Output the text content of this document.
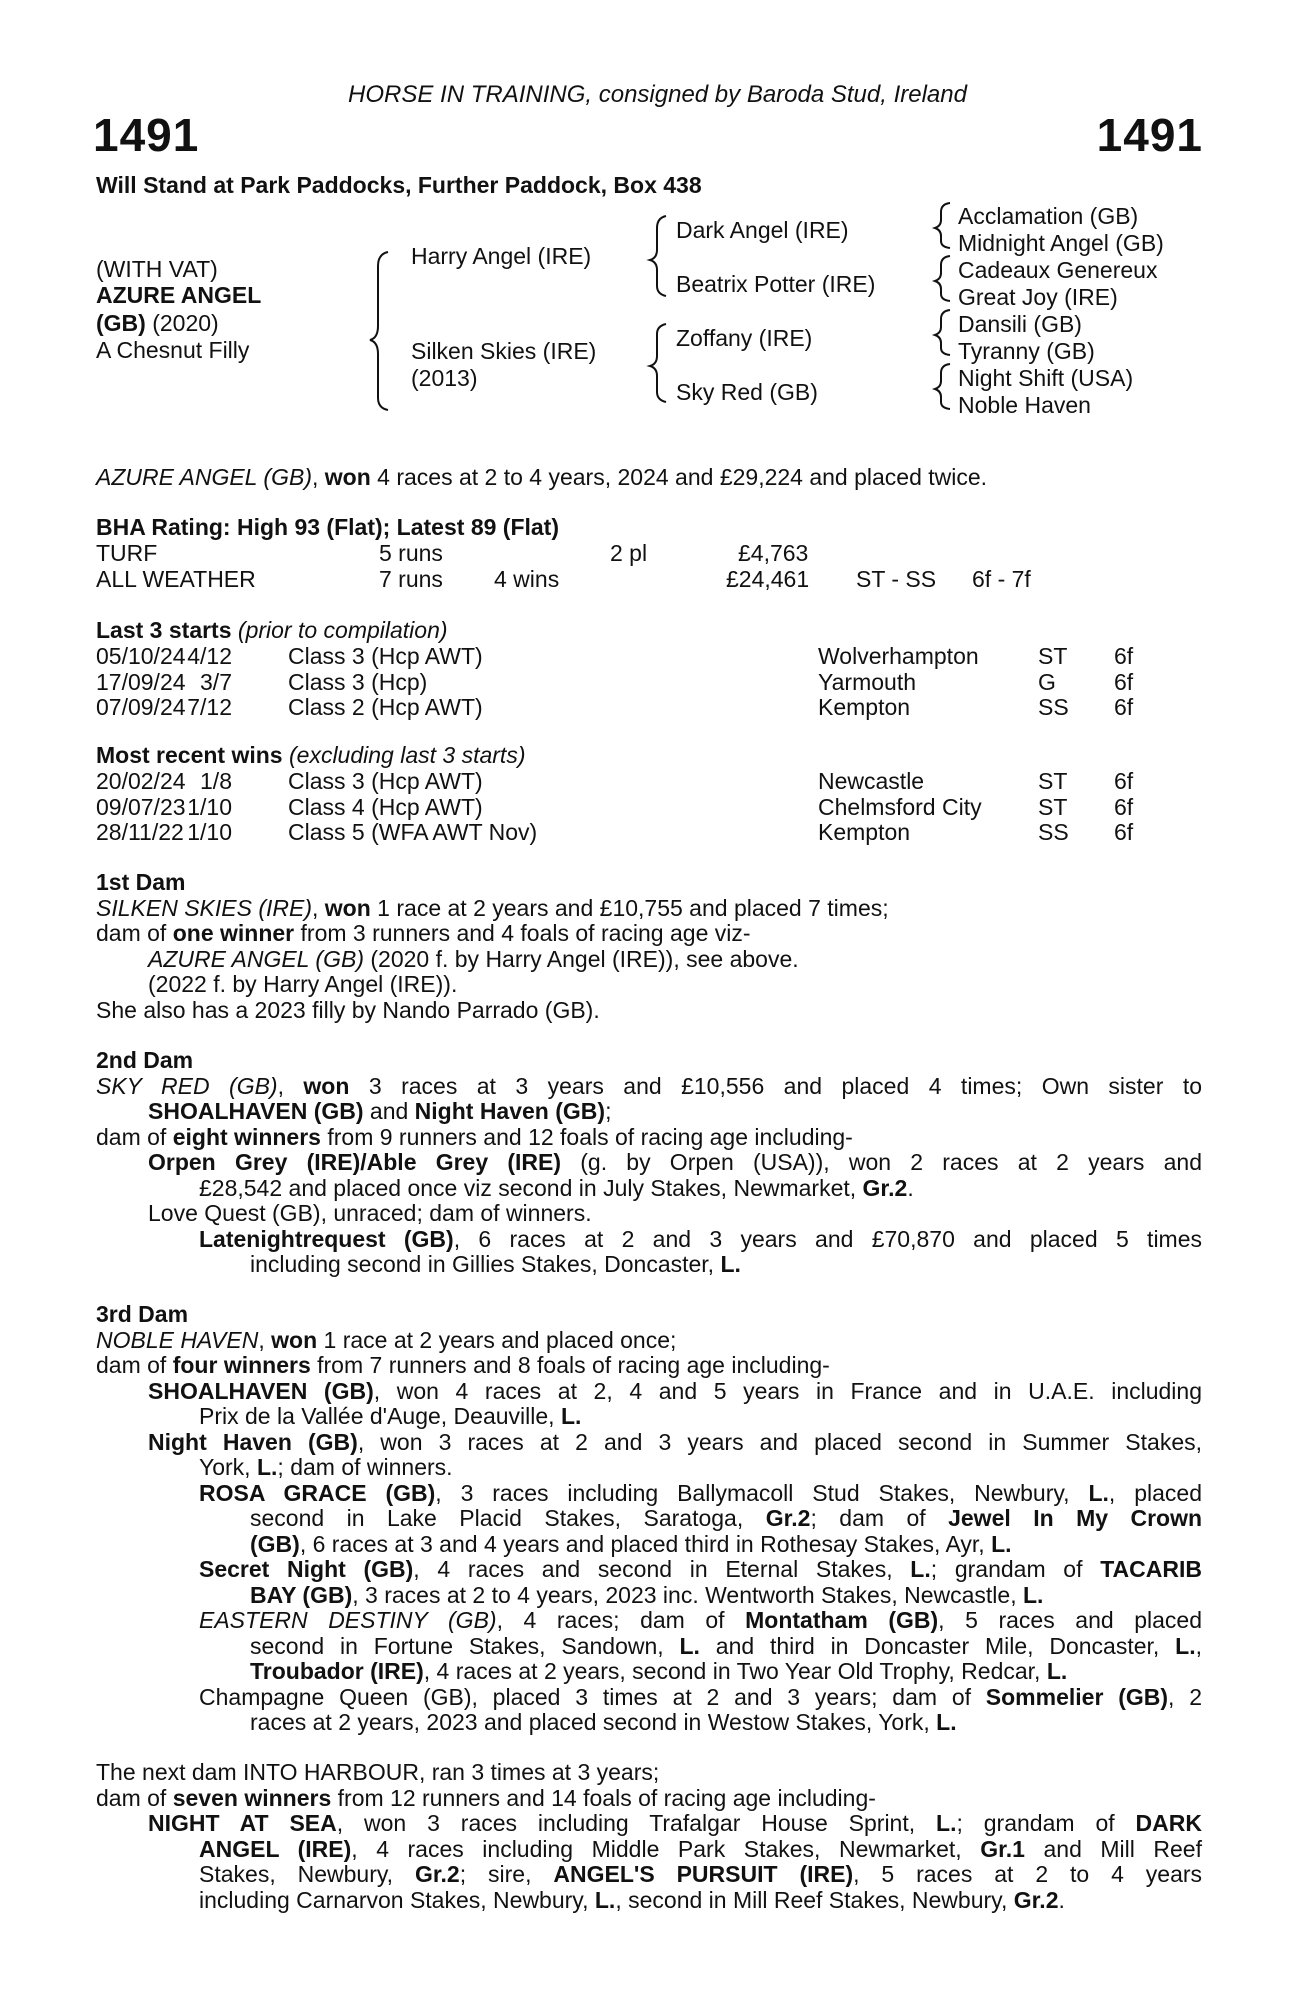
HORSE IN TRAINING, consigned by Baroda Stud, Ireland
1491	1491
Will Stand at Park Paddocks, Further Paddock, Box 438
(WITH VAT)
AZURE ANGEL
(GB) (2020)
A Chesnut Filly
Harry Angel (IRE)
Silken Skies (IRE)
(2013)
Dark Angel (IRE)
Beatrix Potter (IRE)
Zoffany (IRE)
Sky Red (GB)
Acclamation (GB)
Midnight Angel (GB)
Cadeaux Genereux
Great Joy (IRE)
Dansili (GB)
Tyranny (GB)
Night Shift (USA)
Noble Haven
AZURE ANGEL (GB), won 4 races at 2 to 4 years, 2024 and £29,224 and placed twice.
BHA Rating: High 93 (Flat); Latest 89 (Flat)
TURF	5 runs	2 pl	£4,763
ALL WEATHER	7 runs 4 wins	£24,461 ST - SS 6f - 7f
Last 3 starts (prior to compilation)
05/10/24 4/12 Class 3 (Hcp AWT)	Wolverhampton	ST 6f
17/09/24 3/7 Class 3 (Hcp)	Yarmouth	G	6f
07/09/24 7/12 Class 2 (Hcp AWT)	Kempton	SS 6f
Most recent wins (excluding last 3 starts)
20/02/24 1/8 Class 3 (Hcp AWT)	Newcastle	ST 6f
09/07/23 1/10 Class 4 (Hcp AWT)	Chelmsford City ST 6f
28/11/22 1/10 Class 5 (WFA AWT Nov)	Kempton	SS 6f

1st Dam

SILKEN SKIES (IRE), won 1 race at 2 years and £10,755 and placed 7 times;

dam of one winner from 3 runners and 4 foals of racing age viz-

AZURE ANGEL (GB) (2020 f. by Harry Angel (IRE)), see above.

(2022 f. by Harry Angel (IRE)).

She also has a 2023 filly by Nando Parrado (GB).

2nd Dam

SKY RED (GB), won 3 races at 3 years and £10,556 and placed 4 times; Own sister to

SHOALHAVEN (GB) and Night Haven (GB);

dam of eight winners from 9 runners and 12 foals of racing age including-

Orpen Grey (IRE)/Able Grey (IRE) (g. by Orpen (USA)), won 2 races at 2 years and

£28,542 and placed once viz second in July Stakes, Newmarket, Gr.2.

Love Quest (GB), unraced; dam of winners.

Latenightrequest (GB), 6 races at 2 and 3 years and £70,870 and placed 5 times

including second in Gillies Stakes, Doncaster, L.

3rd Dam

NOBLE HAVEN, won 1 race at 2 years and placed once;

dam of four winners from 7 runners and 8 foals of racing age including-

SHOALHAVEN (GB), won 4 races at 2, 4 and 5 years in France and in U.A.E. including

Prix de la Vallée d'Auge, Deauville, L.

Night Haven (GB), won 3 races at 2 and 3 years and placed second in Summer Stakes,

York, L.; dam of winners.

ROSA GRACE (GB), 3 races including Ballymacoll Stud Stakes, Newbury, L., placed

second in Lake Placid Stakes, Saratoga, Gr.2; dam of Jewel In My Crown

(GB), 6 races at 3 and 4 years and placed third in Rothesay Stakes, Ayr, L.

Secret Night (GB), 4 races and second in Eternal Stakes, L.; grandam of TACARIB

BAY (GB), 3 races at 2 to 4 years, 2023 inc. Wentworth Stakes, Newcastle, L.

EASTERN DESTINY (GB), 4 races; dam of Montatham (GB), 5 races and placed

second in Fortune Stakes, Sandown, L. and third in Doncaster Mile, Doncaster, L.,

Troubador (IRE), 4 races at 2 years, second in Two Year Old Trophy, Redcar, L.

Champagne Queen (GB), placed 3 times at 2 and 3 years; dam of Sommelier (GB), 2

races at 2 years, 2023 and placed second in Westow Stakes, York, L.

The next dam INTO HARBOUR, ran 3 times at 3 years;

dam of seven winners from 12 runners and 14 foals of racing age including-

NIGHT AT SEA, won 3 races including Trafalgar House Sprint, L.; grandam of DARK

ANGEL (IRE), 4 races including Middle Park Stakes, Newmarket, Gr.1 and Mill Reef

Stakes, Newbury, Gr.2; sire, ANGEL'S PURSUIT (IRE), 5 races at 2 to 4 years

including Carnarvon Stakes, Newbury, L., second in Mill Reef Stakes, Newbury, Gr.2.
